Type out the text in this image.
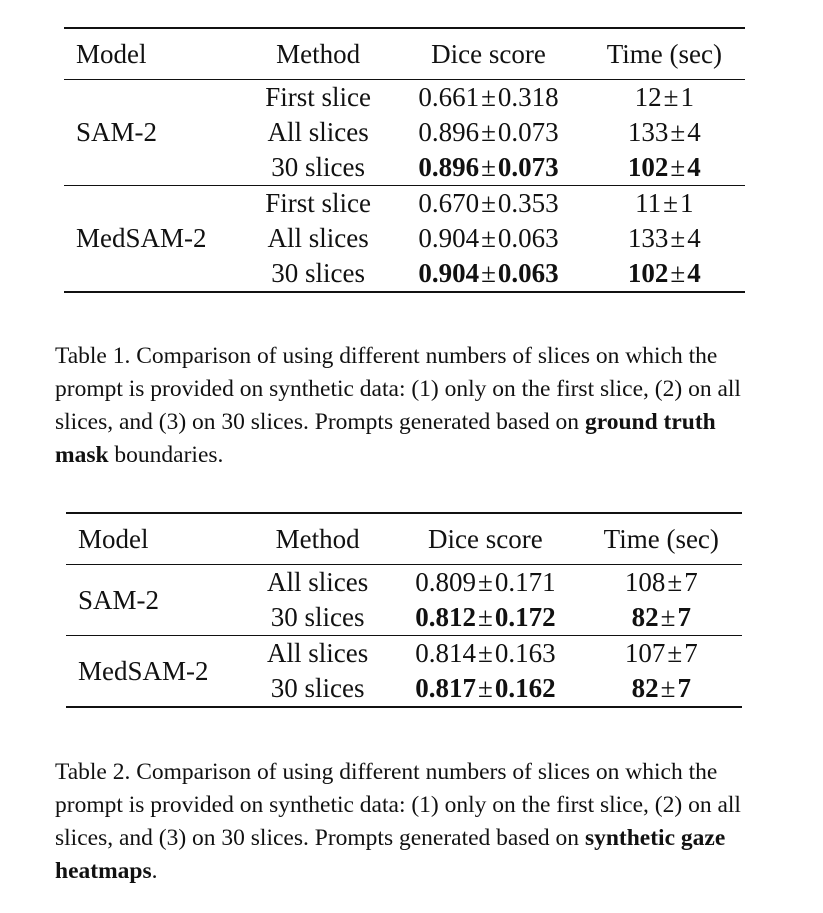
Model	Method	Dice score	Time (sec)
SAM-2	First slice	0.661±0.318	12±1
	All slices	0.896±0.073	133±4
	30 slices	0.896±0.073	102±4
MedSAM-2	First slice	0.670±0.353	11±1
	All slices	0.904±0.063	133±4
	30 slices	0.904±0.063	102±4
Table 1. Comparison of using different numbers of slices on which the prompt is provided on synthetic data: (1) only on the first slice, (2) on all slices, and (3) on 30 slices. Prompts generated based on ground truth mask boundaries.
Model	Method	Dice score	Time (sec)
SAM-2	All slices	0.809±0.171	108±7
	30 slices	0.812±0.172	82±7
MedSAM-2	All slices	0.814±0.163	107±7
	30 slices	0.817±0.162	82±7
Table 2. Comparison of using different numbers of slices on which the prompt is provided on synthetic data: (1) only on the first slice, (2) on all slices, and (3) on 30 slices. Prompts generated based on synthetic gaze heatmaps.
